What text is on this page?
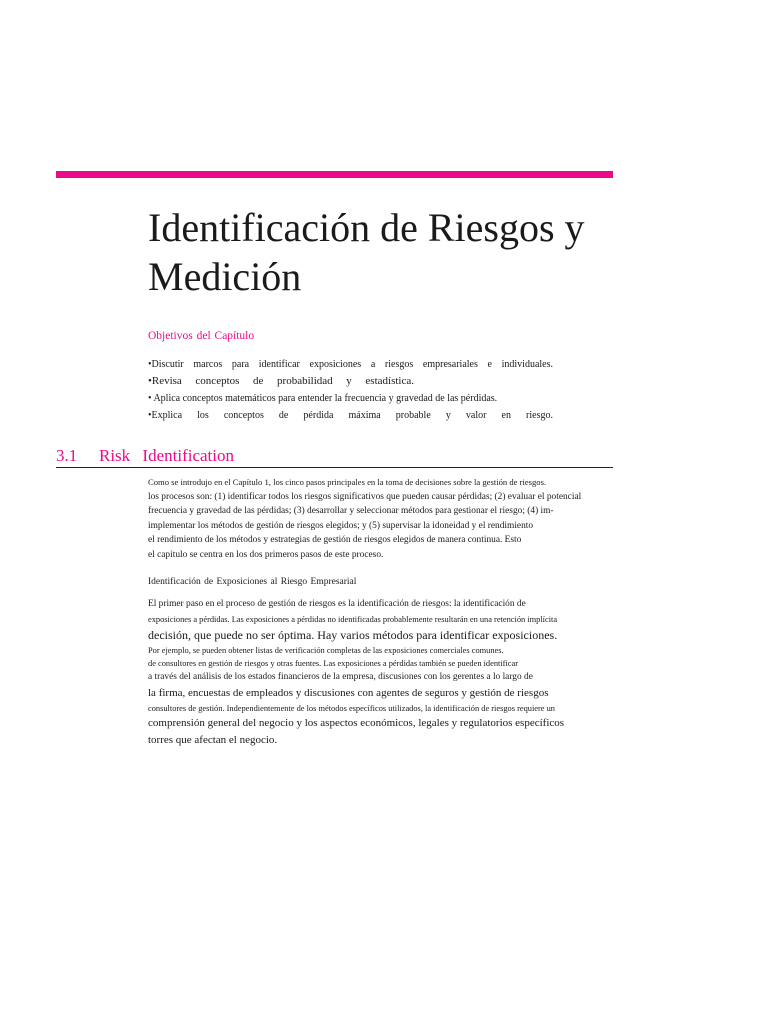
Identificación de Riesgos y
Medición

Objetivos del Capítulo

•Discutir marcos para identificar exposiciones a riesgos empresariales e individuales.
•Revisa conceptos de probabilidad y estadística.
• Aplica conceptos matemáticos para entender la frecuencia y gravedad de las pérdidas.
•Explica los conceptos de pérdida máxima probable y valor en riesgo.
3.1 Risk Identification

Como se introdujo en el Capítulo 1, los cinco pasos principales en la toma de decisiones sobre la gestión de riesgos.
los procesos son: (1) identificar todos los riesgos significativos que pueden causar pérdidas; (2) evaluar el potencial
frecuencia y gravedad de las pérdidas; (3) desarrollar y seleccionar métodos para gestionar el riesgo; (4) im-
implementar los métodos de gestión de riesgos elegidos; y (5) supervisar la idoneidad y el rendimiento
el rendimiento de los métodos y estrategias de gestión de riesgos elegidos de manera continua. Esto
el capítulo se centra en los dos primeros pasos de este proceso.

Identificación de Exposiciones al Riesgo Empresarial

El primer paso en el proceso de gestión de riesgos es la identificación de riesgos: la identificación de
exposiciones a pérdidas. Las exposiciones a pérdidas no identificadas probablemente resultarán en una retención implícita
decisión, que puede no ser óptima. Hay varios métodos para identificar exposiciones.
Por ejemplo, se pueden obtener listas de verificación completas de las exposiciones comerciales comunes.
de consultores en gestión de riesgos y otras fuentes. Las exposiciones a pérdidas también se pueden identificar
a través del análisis de los estados financieros de la empresa, discusiones con los gerentes a lo largo de
la firma, encuestas de empleados y discusiones con agentes de seguros y gestión de riesgos
consultores de gestión. Independientemente de los métodos específicos utilizados, la identificación de riesgos requiere un
comprensión general del negocio y los aspectos económicos, legales y regulatorios específicos
torres que afectan el negocio.
